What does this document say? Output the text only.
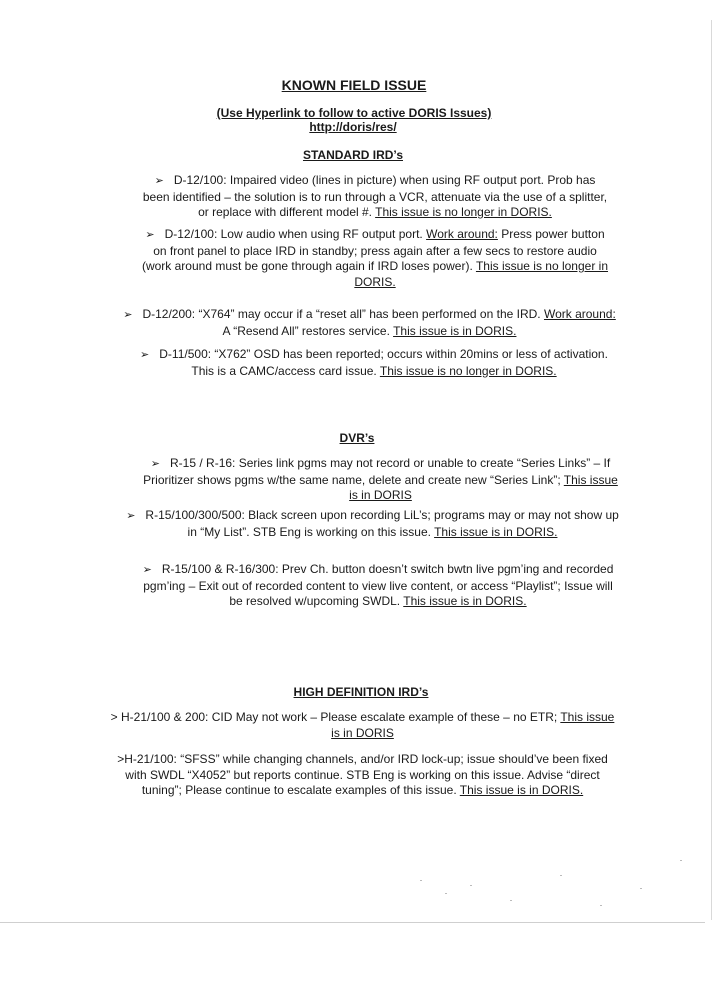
KNOWN FIELD ISSUE
(Use Hyperlink to follow to active DORIS Issues)
http://doris/res/
STANDARD IRD’s
➢ D-12/100: Impaired video (lines in picture) when using RF output port. Prob has been identified – the solution is to run through a VCR, attenuate via the use of a splitter, or replace with different model #. This issue is no longer in DORIS.
➢ D-12/100: Low audio when using RF output port. Work around: Press power button on front panel to place IRD in standby; press again after a few secs to restore audio (work around must be gone through again if IRD loses power). This issue is no longer in DORIS.
➢ D-12/200: “X764” may occur if a “reset all” has been performed on the IRD. Work around: A “Resend All” restores service. This issue is in DORIS.
➢ D-11/500: “X762” OSD has been reported; occurs within 20mins or less of activation. This is a CAMC/access card issue. This issue is no longer in DORIS.
DVR’s
➢ R-15 / R-16: Series link pgms may not record or unable to create “Series Links” – If Prioritizer shows pgms w/the same name, delete and create new “Series Link”; This issue is in DORIS
➢ R-15/100/300/500: Black screen upon recording LiL’s; programs may or may not show up in “My List”. STB Eng is working on this issue. This issue is in DORIS.
➢ R-15/100 & R-16/300: Prev Ch. button doesn’t switch bwtn live pgm’ing and recorded pgm’ing – Exit out of recorded content to view live content, or access “Playlist”; Issue will be resolved w/upcoming SWDL. This issue is in DORIS.
HIGH DEFINITION IRD’s
> H-21/100 & 200: CID May not work – Please escalate example of these – no ETR; This issue is in DORIS
>H-21/100: “SFSS” while changing channels, and/or IRD lock-up; issue should’ve been fixed with SWDL “X4052” but reports continue. STB Eng is working on this issue. Advise “direct tuning”; Please continue to escalate examples of this issue. This issue is in DORIS.
